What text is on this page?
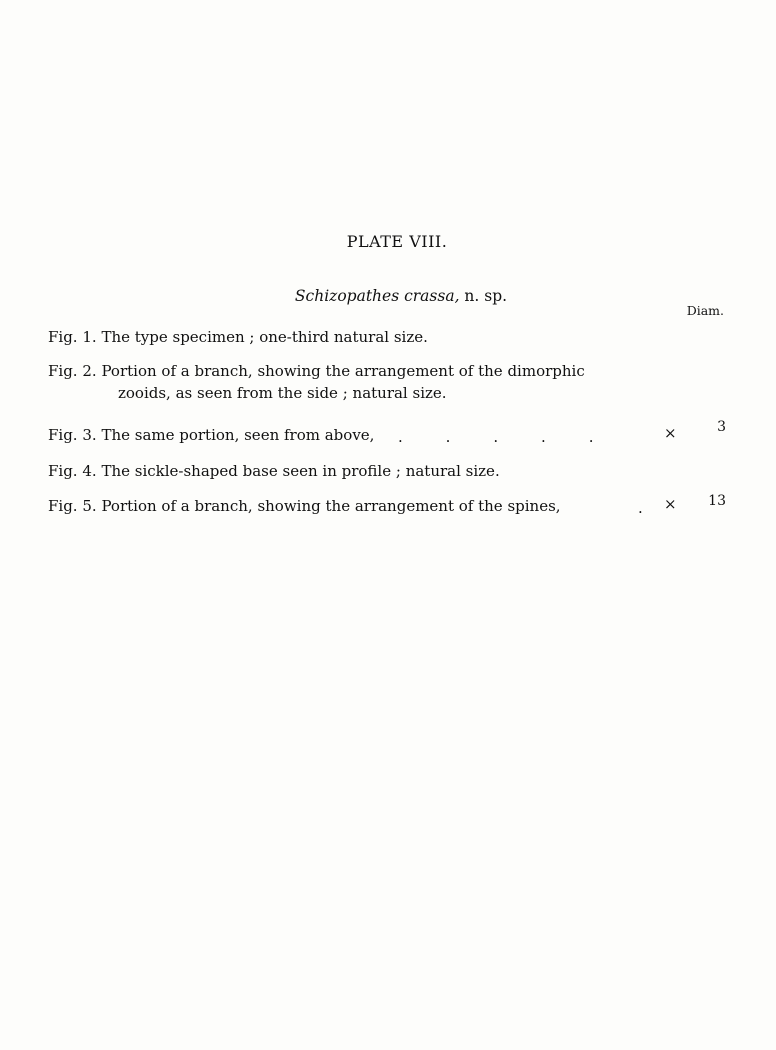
PLATE VIII.
Schizopathes crassa, n. sp.
Diam.
Fig. 1. The type specimen ; one-third natural size.
Fig. 2. Portion of a branch, showing the arrangement of the dimorphic
zooids, as seen from the side ; natural size.
Fig. 3. The same portion, seen from above, .         .         .         .         .	×	3
Fig. 4. The sickle-shaped base seen in profile ; natural size.
Fig. 5. Portion of a branch, showing the arrangement of the spines,	. ×	13
